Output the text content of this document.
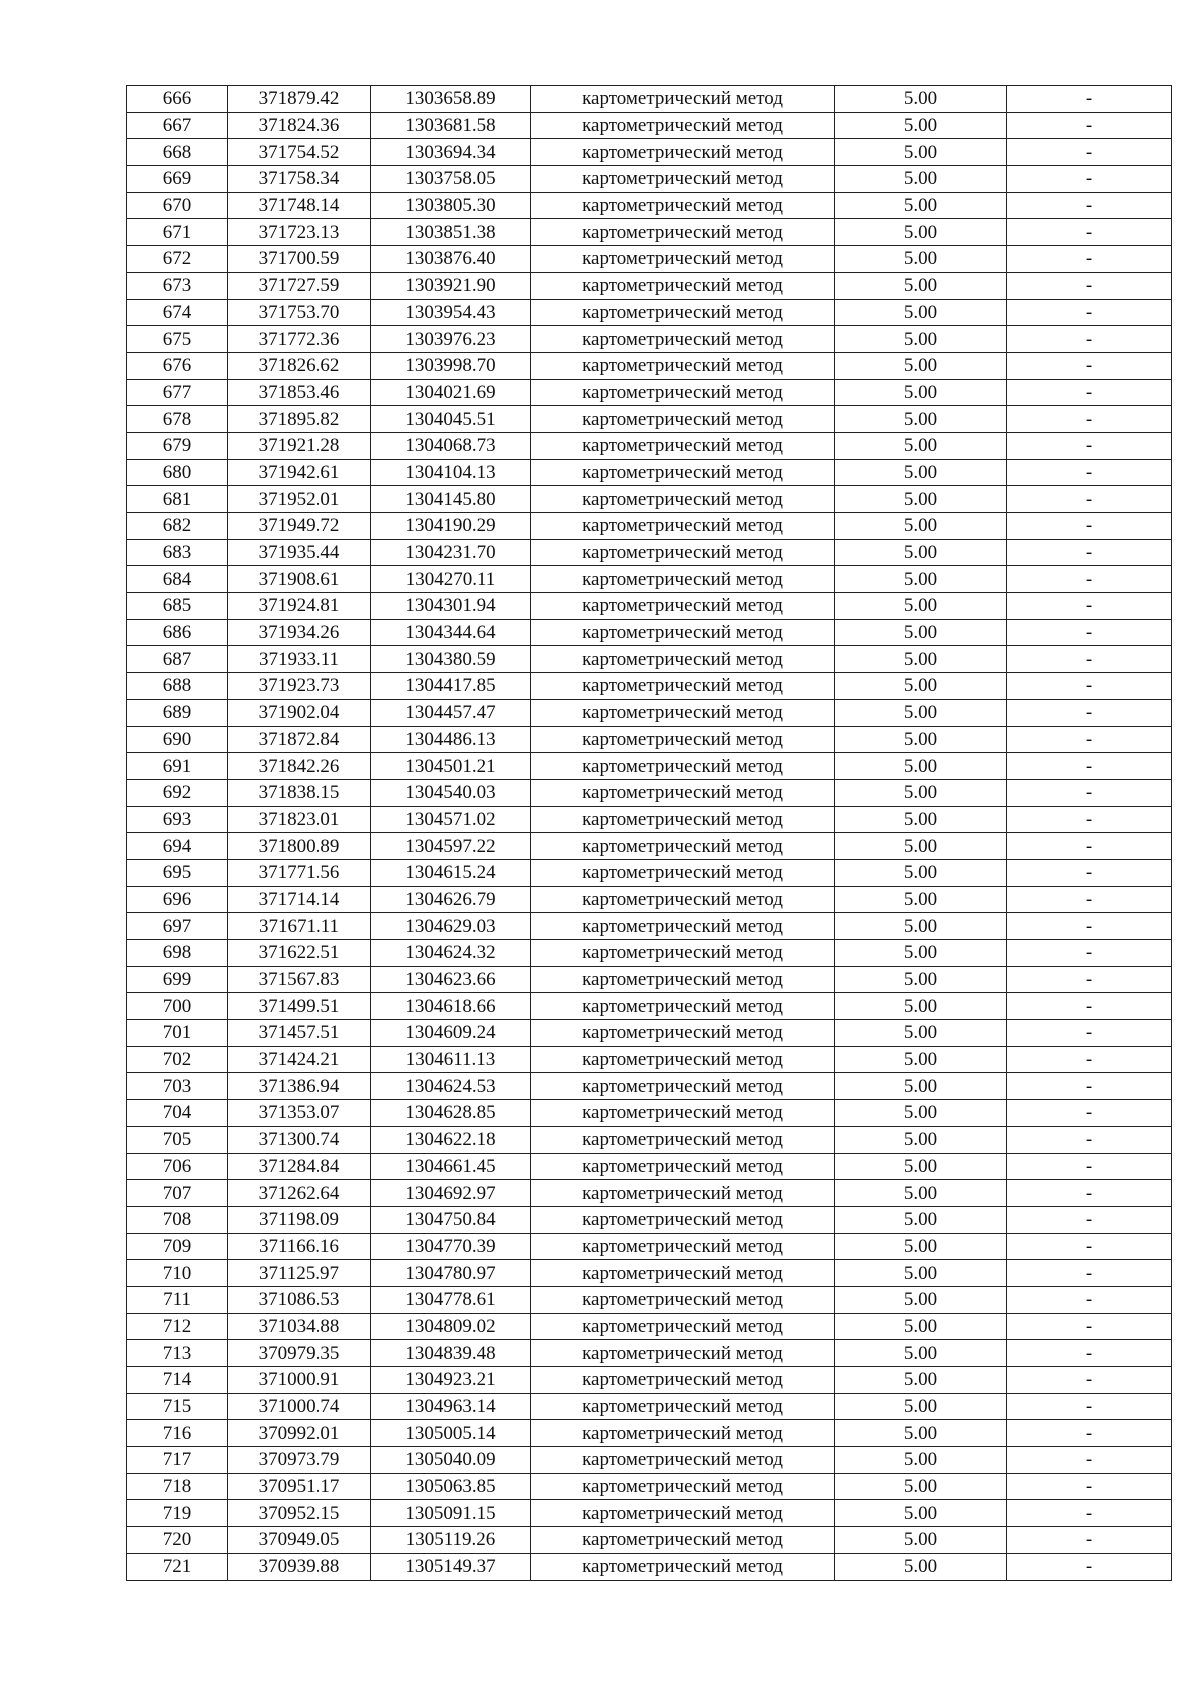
666	371879.42	1303658.89	картометрический метод	5.00	-
667	371824.36	1303681.58	картометрический метод	5.00	-
668	371754.52	1303694.34	картометрический метод	5.00	-
669	371758.34	1303758.05	картометрический метод	5.00	-
670	371748.14	1303805.30	картометрический метод	5.00	-
671	371723.13	1303851.38	картометрический метод	5.00	-
672	371700.59	1303876.40	картометрический метод	5.00	-
673	371727.59	1303921.90	картометрический метод	5.00	-
674	371753.70	1303954.43	картометрический метод	5.00	-
675	371772.36	1303976.23	картометрический метод	5.00	-
676	371826.62	1303998.70	картометрический метод	5.00	-
677	371853.46	1304021.69	картометрический метод	5.00	-
678	371895.82	1304045.51	картометрический метод	5.00	-
679	371921.28	1304068.73	картометрический метод	5.00	-
680	371942.61	1304104.13	картометрический метод	5.00	-
681	371952.01	1304145.80	картометрический метод	5.00	-
682	371949.72	1304190.29	картометрический метод	5.00	-
683	371935.44	1304231.70	картометрический метод	5.00	-
684	371908.61	1304270.11	картометрический метод	5.00	-
685	371924.81	1304301.94	картометрический метод	5.00	-
686	371934.26	1304344.64	картометрический метод	5.00	-
687	371933.11	1304380.59	картометрический метод	5.00	-
688	371923.73	1304417.85	картометрический метод	5.00	-
689	371902.04	1304457.47	картометрический метод	5.00	-
690	371872.84	1304486.13	картометрический метод	5.00	-
691	371842.26	1304501.21	картометрический метод	5.00	-
692	371838.15	1304540.03	картометрический метод	5.00	-
693	371823.01	1304571.02	картометрический метод	5.00	-
694	371800.89	1304597.22	картометрический метод	5.00	-
695	371771.56	1304615.24	картометрический метод	5.00	-
696	371714.14	1304626.79	картометрический метод	5.00	-
697	371671.11	1304629.03	картометрический метод	5.00	-
698	371622.51	1304624.32	картометрический метод	5.00	-
699	371567.83	1304623.66	картометрический метод	5.00	-
700	371499.51	1304618.66	картометрический метод	5.00	-
701	371457.51	1304609.24	картометрический метод	5.00	-
702	371424.21	1304611.13	картометрический метод	5.00	-
703	371386.94	1304624.53	картометрический метод	5.00	-
704	371353.07	1304628.85	картометрический метод	5.00	-
705	371300.74	1304622.18	картометрический метод	5.00	-
706	371284.84	1304661.45	картометрический метод	5.00	-
707	371262.64	1304692.97	картометрический метод	5.00	-
708	371198.09	1304750.84	картометрический метод	5.00	-
709	371166.16	1304770.39	картометрический метод	5.00	-
710	371125.97	1304780.97	картометрический метод	5.00	-
711	371086.53	1304778.61	картометрический метод	5.00	-
712	371034.88	1304809.02	картометрический метод	5.00	-
713	370979.35	1304839.48	картометрический метод	5.00	-
714	371000.91	1304923.21	картометрический метод	5.00	-
715	371000.74	1304963.14	картометрический метод	5.00	-
716	370992.01	1305005.14	картометрический метод	5.00	-
717	370973.79	1305040.09	картометрический метод	5.00	-
718	370951.17	1305063.85	картометрический метод	5.00	-
719	370952.15	1305091.15	картометрический метод	5.00	-
720	370949.05	1305119.26	картометрический метод	5.00	-
721	370939.88	1305149.37	картометрический метод	5.00	-
